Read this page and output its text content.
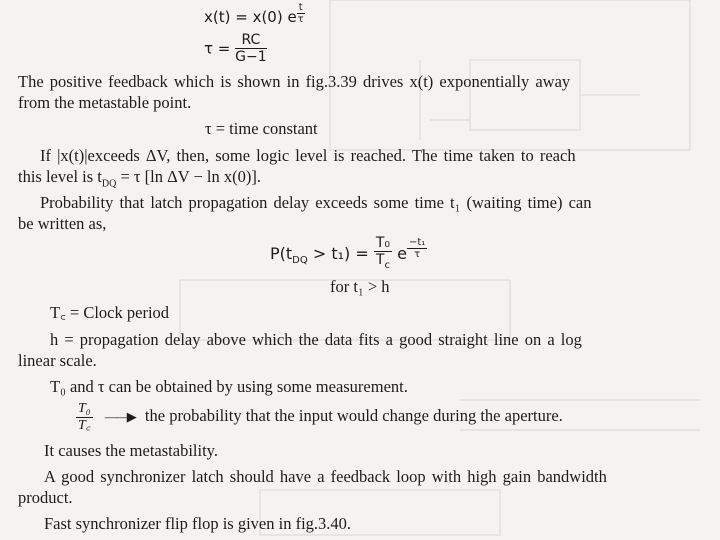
x(t) = x(0) e $\frac{t}{\tau}$
$\tau = \frac{RC}{G-1}$
The positive feedback which is shown in fig.3.39 drives x(t) exponentially away
from the metastable point.
τ = time constant
If |x(t)|exceeds ΔV, then, some logic level is reached. The time taken to reach
this level is $t_{DQ} = \tau$ [ln ΔV − ln x(0)].
Probability that latch propagation delay exceeds some time t₁ (waiting time) can
be written as,
$P(t_{DQ} > t_1) = \frac{\text{T₀}}{T_c}$ e $\frac{\text{−t₁}}{\tau}$
for t₁ > h
T꜀ = Clock period
h = propagation delay above which the data fits a good straight line on a log
linear scale.
T₀ and τ can be obtained by using some measurement.
$\frac{\text{T₀}}{T꜀}$ ——▶ the probability that the input would change during the aperture.
It causes the metastability.
A good synchronizer latch should have a feedback loop with high gain bandwidth
product.
Fast synchronizer flip flop is given in fig.3.40.
